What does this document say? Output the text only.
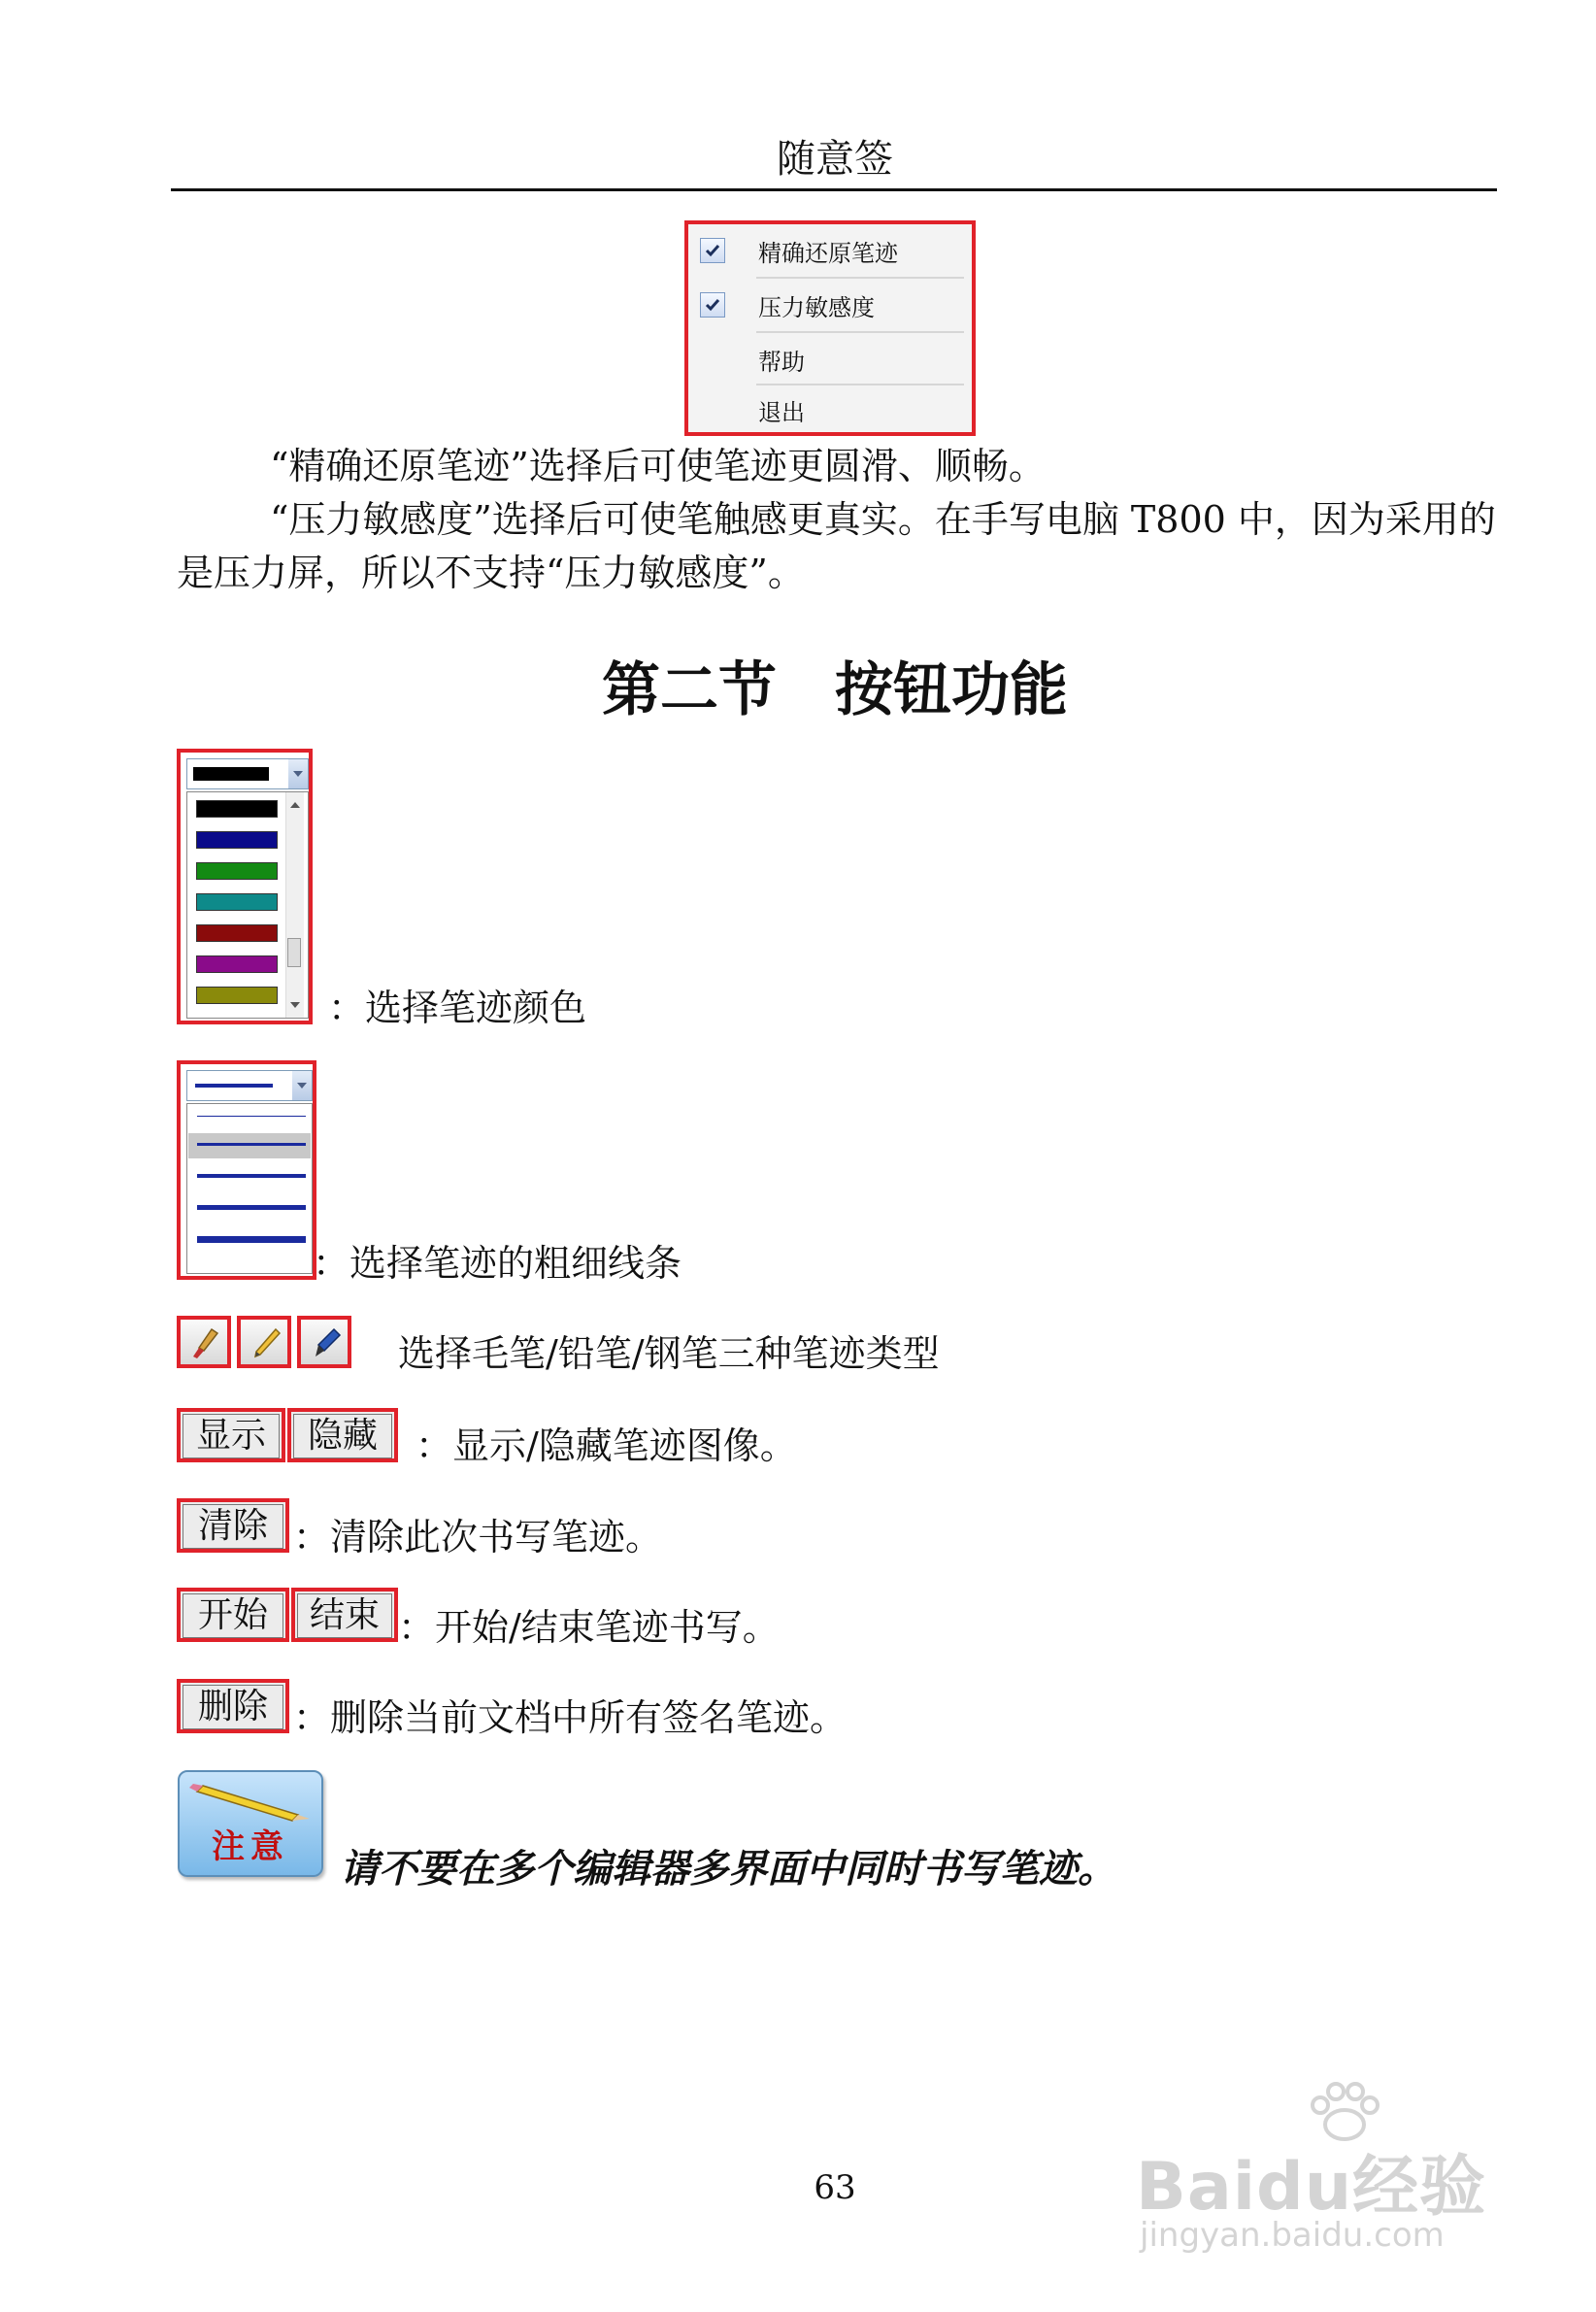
随意签
精确还原笔迹
压力敏感度
帮助
退出
“精确还原笔迹”选择后可使笔迹更圆滑、顺畅。
“压力敏感度”选择后可使笔触感更真实。在手写电脑 T800 中，因为采用的是压力屏，所以不支持“压力敏感度”。
第二节 按钮功能
：选择笔迹颜色
：选择笔迹的粗细线条
选择毛笔/铅笔/钢笔三种笔迹类型
显示	隐藏	：显示/隐藏笔迹图像。
清除 ：清除此次书写笔迹。
开始	结束 ：开始/结束笔迹书写。
删除 ：删除当前文档中所有签名笔迹。
注意	请不要在多个编辑器多界面中同时书写笔迹。
63	Baidu经验
jingyan.baidu.com
